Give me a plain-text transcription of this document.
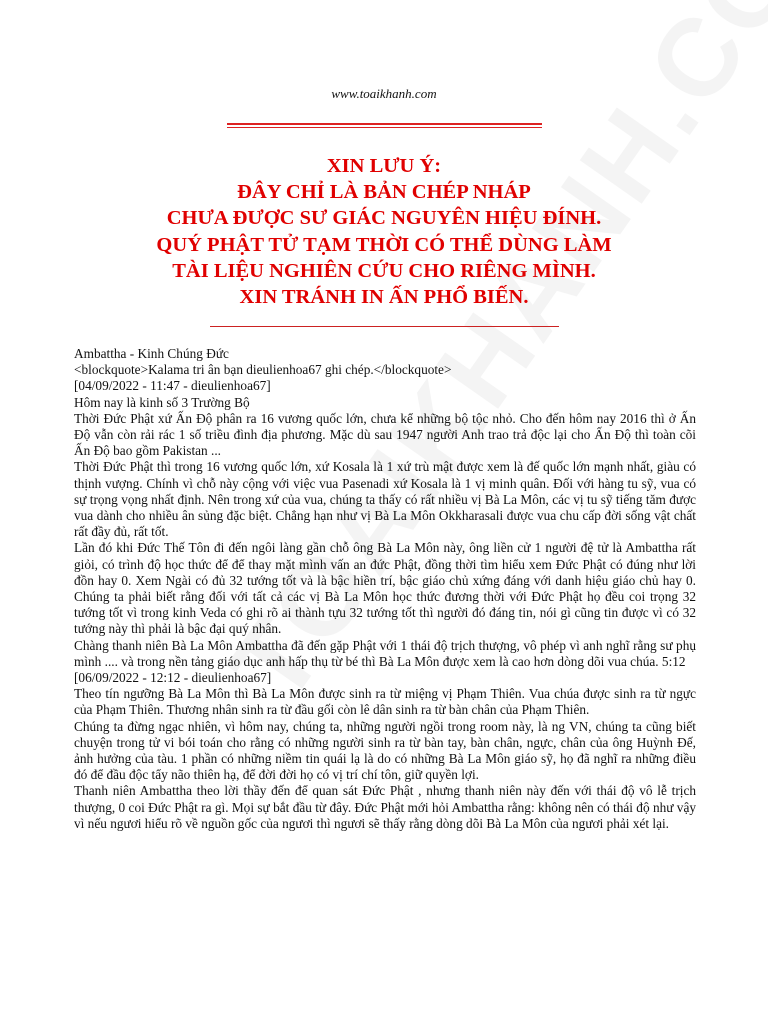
www.toaikhanh.com
XIN LƯU Ý:
ĐÂY CHỈ LÀ BẢN CHÉP NHÁP
CHƯA ĐƯỢC SƯ GIÁC NGUYÊN HIỆU ĐÍNH.
QUÝ PHẬT TỬ TẠM THỜI CÓ THỂ DÙNG LÀM
TÀI LIỆU NGHIÊN CỨU CHO RIÊNG MÌNH.
XIN TRÁNH IN ẤN PHỔ BIẾN.

Ambattha - Kinh Chúng Đức

<blockquote>Kalama tri ân bạn dieulienhoa67 ghi chép.</blockquote>

[04/09/2022 - 11:47 - dieulienhoa67]

Hôm nay là kinh số 3 Trường Bộ

Thời Đức Phật xứ Ấn Độ phân ra 16 vương quốc lớn, chưa kể những bộ tộc nhỏ. Cho đến hôm nay 2016 thì ở Ấn Độ vẫn còn rải rác 1 số triều đình địa phương. Mặc dù sau 1947 người Anh trao trả độc lại cho Ấn Độ thì toàn cõi Ấn Độ bao gồm Pakistan ...

Thời Đức Phật thì trong 16 vương quốc lớn, xứ Kosala là 1 xứ trù mật được xem là đế quốc lớn mạnh nhất, giàu có thịnh vượng. Chính vì chỗ này cộng với việc vua Pasenadi xứ Kosala là 1 vị minh quân. Đối với hàng tu sỹ, vua có sự trọng vọng nhất định. Nên trong xứ của vua, chúng ta thấy có rất nhiều vị Bà La Môn, các vị tu sỹ tiếng tăm được vua dành cho nhiều ân sủng đặc biệt. Chẳng hạn như vị Bà La Môn Okkharasali được vua chu cấp đời sống vật chất rất đầy đủ, rất tốt.

Lần đó khi Đức Thế Tôn đi đến ngôi làng gần chỗ ông Bà La Môn này, ông liền cử 1 người đệ tử là Ambattha rất giỏi, có trình độ học thức để để thay mặt mình vấn an đức Phật, đồng thời tìm hiểu xem Đức Phật có đúng như lời đồn hay 0. Xem Ngài có đủ 32 tướng tốt và là bậc hiền trí, bậc giáo chủ xứng đáng với danh hiệu giáo chủ hay 0. Chúng ta phải biết rằng đối với tất cả các vị Bà La Môn học thức đương thời với Đức Phật họ đều coi trọng 32 tướng tốt vì trong kinh Veda có ghi rõ ai thành tựu 32 tướng tốt thì người đó đáng tin, nói gì cũng tin được vì có 32 tướng này thì phải là bậc đại quý nhân.

Chàng thanh niên Bà La Môn Ambattha đã đến gặp Phật với 1 thái độ trịch thượng, vô phép vì anh nghĩ rằng sư phụ mình .... và trong nền tảng giáo dục anh hấp thụ từ bé thì Bà La Môn được xem là cao hơn dòng dõi vua chúa. 5:12

[06/09/2022 - 12:12 - dieulienhoa67]

Theo tín ngưỡng Bà La Môn thì Bà La Môn được sinh ra từ miệng vị Phạm Thiên. Vua chúa được sinh ra từ ngực của Phạm Thiên. Thương nhân sinh ra từ đầu gối còn lê dân sinh ra từ bàn chân của Phạm Thiên.

Chúng ta đừng ngạc nhiên, vì hôm nay, chúng ta, những người ngồi trong room này, là ng VN, chúng ta cũng biết chuyện trong tử vi bói toán cho rằng có những người sinh ra từ bàn tay, bàn chân, ngực, chân của ông Huỳnh Đế, ảnh hưởng của tàu. 1 phần có những niềm tin quái lạ là do có những Bà La Môn giáo sỹ, họ đã nghĩ ra những điều đó để đầu độc tẩy não thiên hạ, để đời đời họ có vị trí chí tôn, giữ quyền lợi.

Thanh niên Ambattha theo lời thầy đến để quan sát Đức Phật , nhưng thanh niên này đến với thái độ vô lễ trịch thượng, 0 coi Đức Phật ra gì. Mọi sự bắt đầu từ đây. Đức Phật mới hỏi Ambattha rằng: không nên có thái độ như vậy vì nếu ngươi hiểu rõ về nguồn gốc của ngươi thì ngươi sẽ thấy rằng dòng dõi Bà La Môn của ngươi phải xét lại.
